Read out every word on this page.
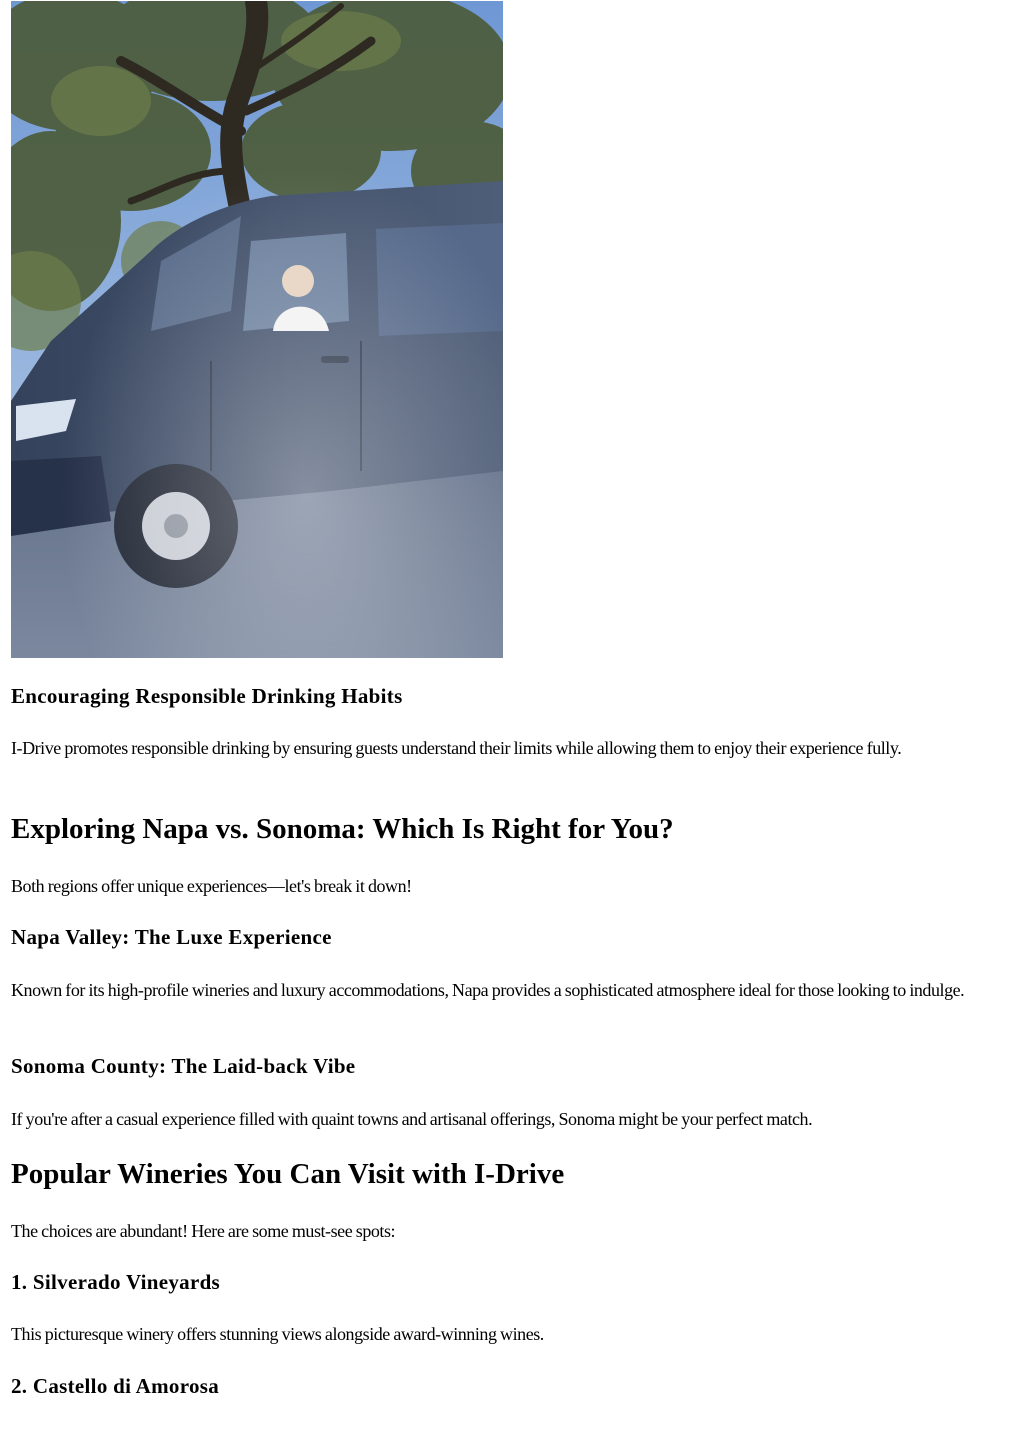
Encouraging Responsible Drinking Habits

I-Drive promotes responsible drinking by ensuring guests understand their limits while allowing them to enjoy their experience fully.

Exploring Napa vs. Sonoma: Which Is Right for You?

Both regions offer unique experiences—let's break it down!

Napa Valley: The Luxe Experience

Known for its high-profile wineries and luxury accommodations, Napa provides a sophisticated atmosphere ideal for those looking to indulge.

Sonoma County: The Laid-back Vibe

If you're after a casual experience filled with quaint towns and artisanal offerings, Sonoma might be your perfect match.

Popular Wineries You Can Visit with I-Drive

The choices are abundant! Here are some must-see spots:

1. Silverado Vineyards

This picturesque winery offers stunning views alongside award-winning wines.

2. Castello di Amorosa
